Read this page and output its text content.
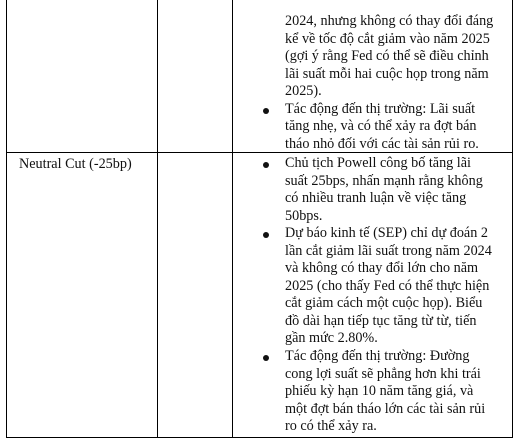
2024, nhưng không có thay đổi đáng
kể về tốc độ cắt giảm vào năm 2025
(gợi ý rằng Fed có thể sẽ điều chỉnh
lãi suất mỗi hai cuộc họp trong năm
2025).
Tác động đến thị trường: Lãi suất
tăng nhẹ, và có thể xảy ra đợt bán
tháo nhỏ đối với các tài sản rủi ro.
Neutral Cut (-25bp)	Chủ tịch Powell công bố tăng lãi
suất 25bps, nhấn mạnh rằng không
có nhiều tranh luận về việc tăng
50bps.
Dự báo kinh tế (SEP) chỉ dự đoán 2
lần cắt giảm lãi suất trong năm 2024
và không có thay đổi lớn cho năm
2025 (cho thấy Fed có thể thực hiện
cắt giảm cách một cuộc họp). Biểu
đồ dài hạn tiếp tục tăng từ từ, tiến
gần mức 2.80%.
Tác động đến thị trường: Đường
cong lợi suất sẽ phẳng hơn khi trái
phiếu kỳ hạn 10 năm tăng giá, và
một đợt bán tháo lớn các tài sản rủi
ro có thể xảy ra.
